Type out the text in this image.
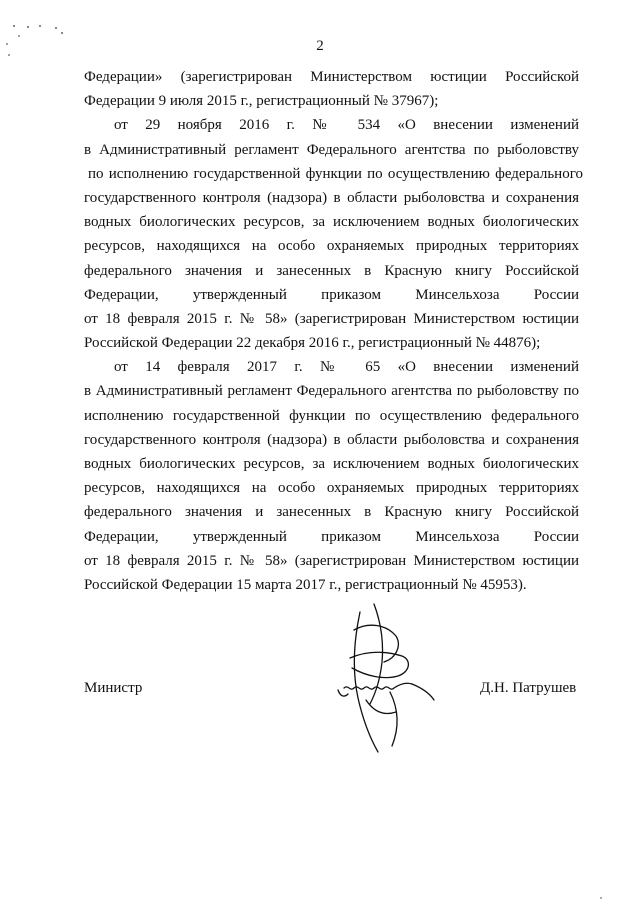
2
Федерации» (зарегистрирован Министерством юстиции Российской
Федерации 9 июля 2015 г., регистрационный № 37967);
от 29 ноября 2016 г. № 534 «О внесении изменений
в Административный регламент Федерального агентства по рыболовству
по исполнению государственной функции по осуществлению федерального
государственного контроля (надзора) в области рыболовства и сохранения
водных биологических ресурсов, за исключением водных биологических
ресурсов, находящихся на особо охраняемых природных территориях
федерального значения и занесенных в Красную книгу Российской
Федерации, утвержденный приказом Минсельхоза России
от 18 февраля 2015 г. № 58» (зарегистрирован Министерством юстиции
Российской Федерации 22 декабря 2016 г., регистрационный № 44876);
от 14 февраля 2017 г. № 65 «О внесении изменений
в Административный регламент Федерального агентства по рыболовству по
исполнению государственной функции по осуществлению федерального
государственного контроля (надзора) в области рыболовства и сохранения
водных биологических ресурсов, за исключением водных биологических
ресурсов, находящихся на особо охраняемых природных территориях
федерального значения и занесенных в Красную книгу Российской
Федерации, утвержденный приказом Минсельхоза России
от 18 февраля 2015 г. № 58» (зарегистрирован Министерством юстиции
Российской Федерации 15 марта 2017 г., регистрационный № 45953).
Министр	Д.Н. Патрушев
